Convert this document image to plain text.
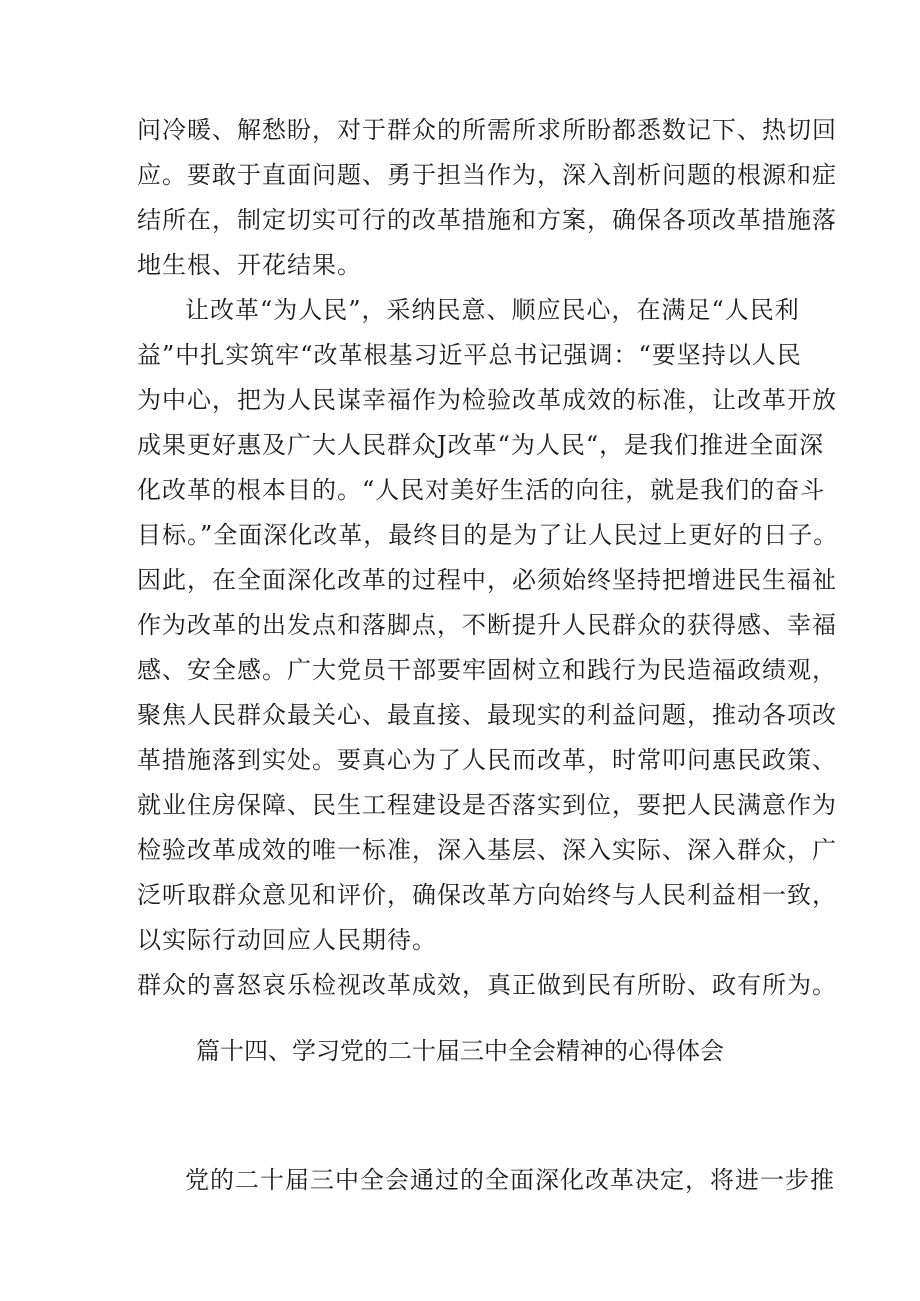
问冷暖、解愁盼，对于群众的所需所求所盼都悉数记下、热切回
应。要敢于直面问题、勇于担当作为，深入剖析问题的根源和症
结所在，制定切实可行的改革措施和方案，确保各项改革措施落
地生根、开花结果。
让改革“为人民”，采纳民意、顺应民心，在满足“人民利
益”中扎实筑牢“改革根基习近平总书记强调：“要坚持以人民
为中心，把为人民谋幸福作为检验改革成效的标准，让改革开放
成果更好惠及广大人民群众J改革“为人民“，是我们推进全面深
化改革的根本目的。“人民对美好生活的向往，就是我们的奋斗
目标。”全面深化改革，最终目的是为了让人民过上更好的日子。
因此，在全面深化改革的过程中，必须始终坚持把增进民生福祉
作为改革的出发点和落脚点，不断提升人民群众的获得感、幸福
感、安全感。广大党员干部要牢固树立和践行为民造福政绩观，
聚焦人民群众最关心、最直接、最现实的利益问题，推动各项改
革措施落到实处。要真心为了人民而改革，时常叩问惠民政策、
就业住房保障、民生工程建设是否落实到位，要把人民满意作为
检验改革成效的唯一标准，深入基层、深入实际、深入群众，广
泛听取群众意见和评价，确保改革方向始终与人民利益相一致，
以实际行动回应人民期待。
群众的喜怒哀乐检视改革成效，真正做到民有所盼、政有所为。
篇十四、学习党的二十届三中全会精神的心得体会
党的二十届三中全会通过的全面深化改革决定，将进一步推
